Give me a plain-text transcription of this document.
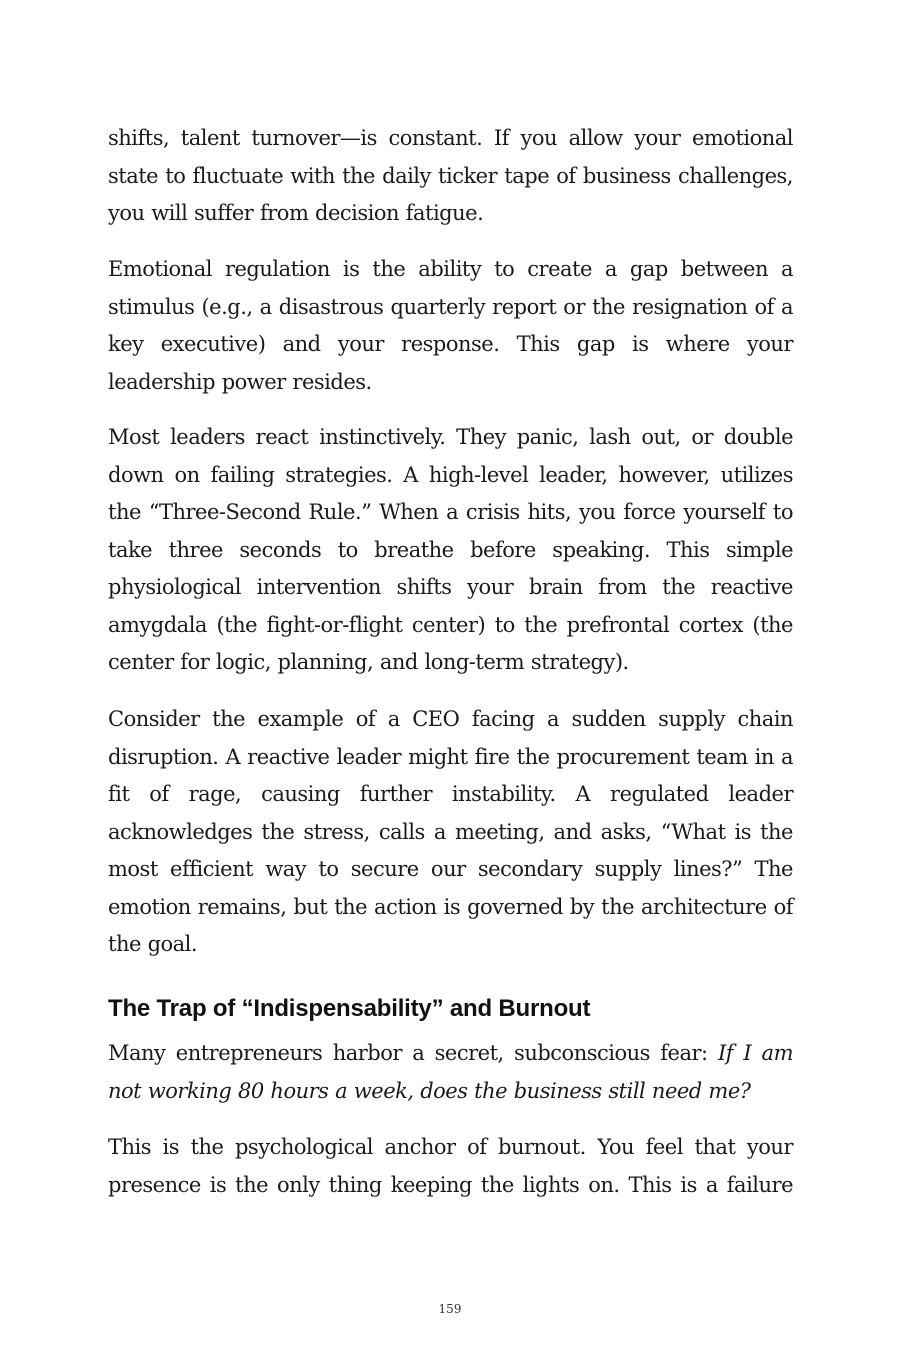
shifts, talent turnover—is constant. If you allow your emotional state to fluctuate with the daily ticker tape of business challenges, you will suffer from decision fatigue.

Emotional regulation is the ability to create a gap between a stimulus (e.g., a disastrous quarterly report or the resignation of a key executive) and your response. This gap is where your leadership power resides.

Most leaders react instinctively. They panic, lash out, or double down on failing strategies. A high-level leader, however, utilizes the “Three-Second Rule.” When a crisis hits, you force yourself to take three seconds to breathe before speaking. This simple physiological intervention shifts your brain from the reactive amygdala (the fight-or-flight center) to the prefrontal cortex (the center for logic, planning, and long-term strategy).

Consider the example of a CEO facing a sudden supply chain disruption. A reactive leader might fire the procurement team in a fit of rage, causing further instability. A regulated leader acknowledges the stress, calls a meeting, and asks, “What is the most efficient way to secure our secondary supply lines?” The emotion remains, but the action is governed by the architecture of the goal.

The Trap of “Indispensability” and Burnout

Many entrepreneurs harbor a secret, subconscious fear: If I am not working 80 hours a week, does the business still need me?

This is the psychological anchor of burnout. You feel that your presence is the only thing keeping the lights on. This is a failure

159
